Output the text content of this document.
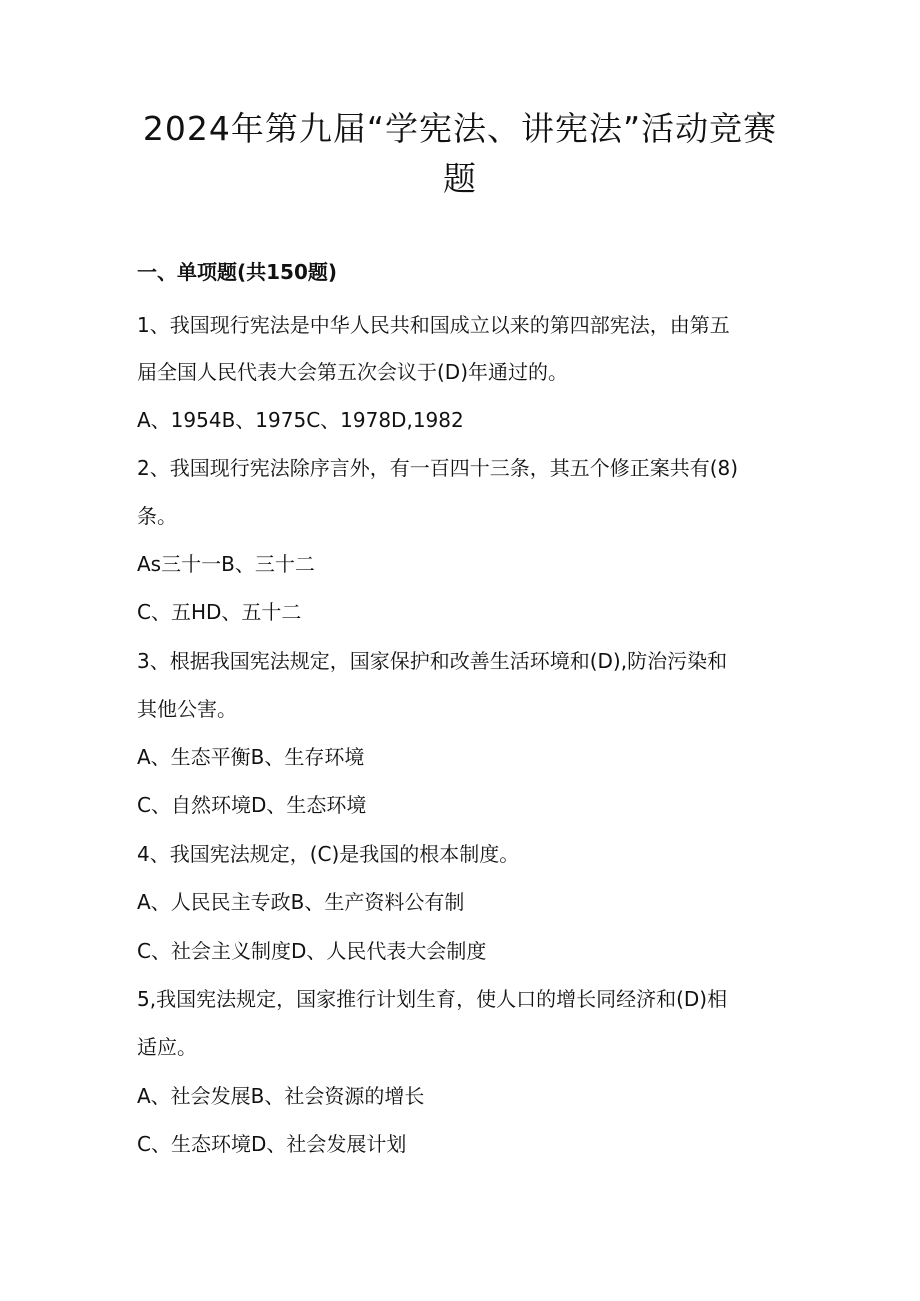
2024年第九届“学宪法、讲宪法”活动竞赛
题
一、单项题(共150题)

1、我国现行宪法是中华人民共和国成立以来的第四部宪法，由第五

届全国人民代表大会第五次会议于(D)年通过的。

A、1954B、1975C、1978D,1982

2、我国现行宪法除序言外，有一百四十三条，其五个修正案共有(8)

条。

As三十一B、三十二

C、五HD、五十二

3、根据我国宪法规定，国家保护和改善生活环境和(D),防治污染和

其他公害。

A、生态平衡B、生存环境

C、自然环境D、生态环境

4、我国宪法规定，(C)是我国的根本制度。

A、人民民主专政B、生产资料公有制

C、社会主义制度D、人民代表大会制度

5,我国宪法规定，国家推行计划生育，使人口的增长同经济和(D)相

适应。

A、社会发展B、社会资源的增长

C、生态环境D、社会发展计划
